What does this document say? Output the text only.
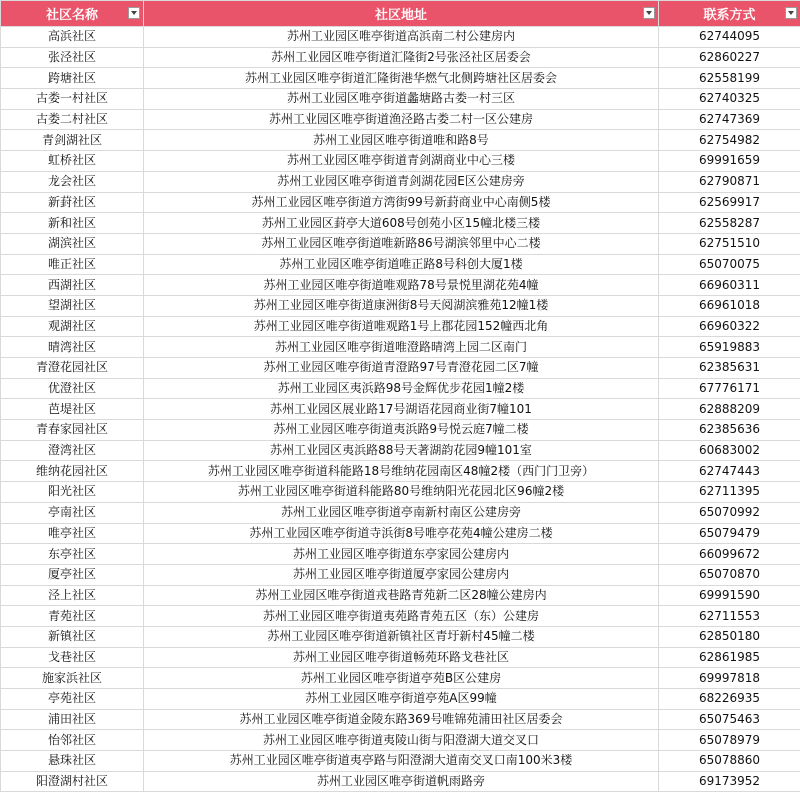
社区名称	社区地址	联系方式

高浜社区	苏州工业园区唯亭街道高浜南二村公建房内	62744095
张泾社区	苏州工业园区唯亭街道汇隆街2号张泾社区居委会	62860227
跨塘社区	苏州工业园区唯亭街道汇隆街港华燃气北侧跨塘社区居委会	62558199
古娄一村社区	苏州工业园区唯亭街道蠡塘路古娄一村三区	62740325
古娄二村社区	苏州工业园区唯亭街道渔泾路古娄二村一区公建房	62747369
青剑湖社区	苏州工业园区唯亭街道唯和路8号	62754982
虹桥社区	苏州工业园区唯亭街道青剑湖商业中心三楼	69991659
龙会社区	苏州工业园区唯亭街道青剑湖花园E区公建房旁	62790871
新葑社区	苏州工业园区唯亭街道方湾街99号新葑商业中心南侧5楼	62569917
新和社区	苏州工业园区葑亭大道608号创苑小区15幢北楼三楼	62558287
湖滨社区	苏州工业园区唯亭街道唯新路86号湖滨邻里中心二楼	62751510
唯正社区	苏州工业园区唯亭街道唯正路8号科创大厦1楼	65070075
西湖社区	苏州工业园区唯亭街道唯观路78号景悦里湖花苑4幢	66960311
望湖社区	苏州工业园区唯亭街道康洲街8号天阅湖滨雅苑12幢1楼	66961018
观湖社区	苏州工业园区唯亭街道唯观路1号上郡花园152幢西北角	66960322
晴湾社区	苏州工业园区唯亭街道唯澄路晴湾上园二区南门	65919883
青澄花园社区	苏州工业园区唯亭街道青澄路97号青澄花园二区7幢	62385631
优澄社区	苏州工业园区夷浜路98号金辉优步花园1幢2楼	67776171
芭堤社区	苏州工业园区展业路17号湖语花园商业街7幢101	62888209
青春家园社区	苏州工业园区唯亭街道夷浜路9号悦云庭7幢二楼	62385636
澄湾社区	苏州工业园区夷浜路88号天著湖韵花园9幢101室	60683002
维纳花园社区	苏州工业园区唯亭街道科能路18号维纳花园南区48幢2楼（西门门卫旁）	62747443
阳光社区	苏州工业园区唯亭街道科能路80号维纳阳光花园北区96幢2楼	62711395
亭南社区	苏州工业园区唯亭街道亭南新村南区公建房旁	65070992
唯亭社区	苏州工业园区唯亭街道寺浜街8号唯亭花苑4幢公建房二楼	65079479
东亭社区	苏州工业园区唯亭街道东亭家园公建房内	66099672
厦亭社区	苏州工业园区唯亭街道厦亭家园公建房内	65070870
泾上社区	苏州工业园区唯亭街道戎巷路青苑新二区28幢公建房内	69991590
青苑社区	苏州工业园区唯亭街道夷苑路青苑五区（东）公建房	62711553
新镇社区	苏州工业园区唯亭街道新镇社区青圩新村45幢二楼	62850180
戈巷社区	苏州工业园区唯亭街道畅苑环路戈巷社区	62861985
施家浜社区	苏州工业园区唯亭街道亭苑B区公建房	69997818
亭苑社区	苏州工业园区唯亭街道亭苑A区99幢	68226935
浦田社区	苏州工业园区唯亭街道金陵东路369号唯锦苑浦田社区居委会	65075463
怡邻社区	苏州工业园区唯亭街道夷陵山街与阳澄湖大道交叉口	65078979
悬珠社区	苏州工业园区唯亭街道夷亭路与阳澄湖大道南交叉口南100米3楼	65078860
阳澄湖村社区	苏州工业园区唯亭街道帆雨路旁	69173952
